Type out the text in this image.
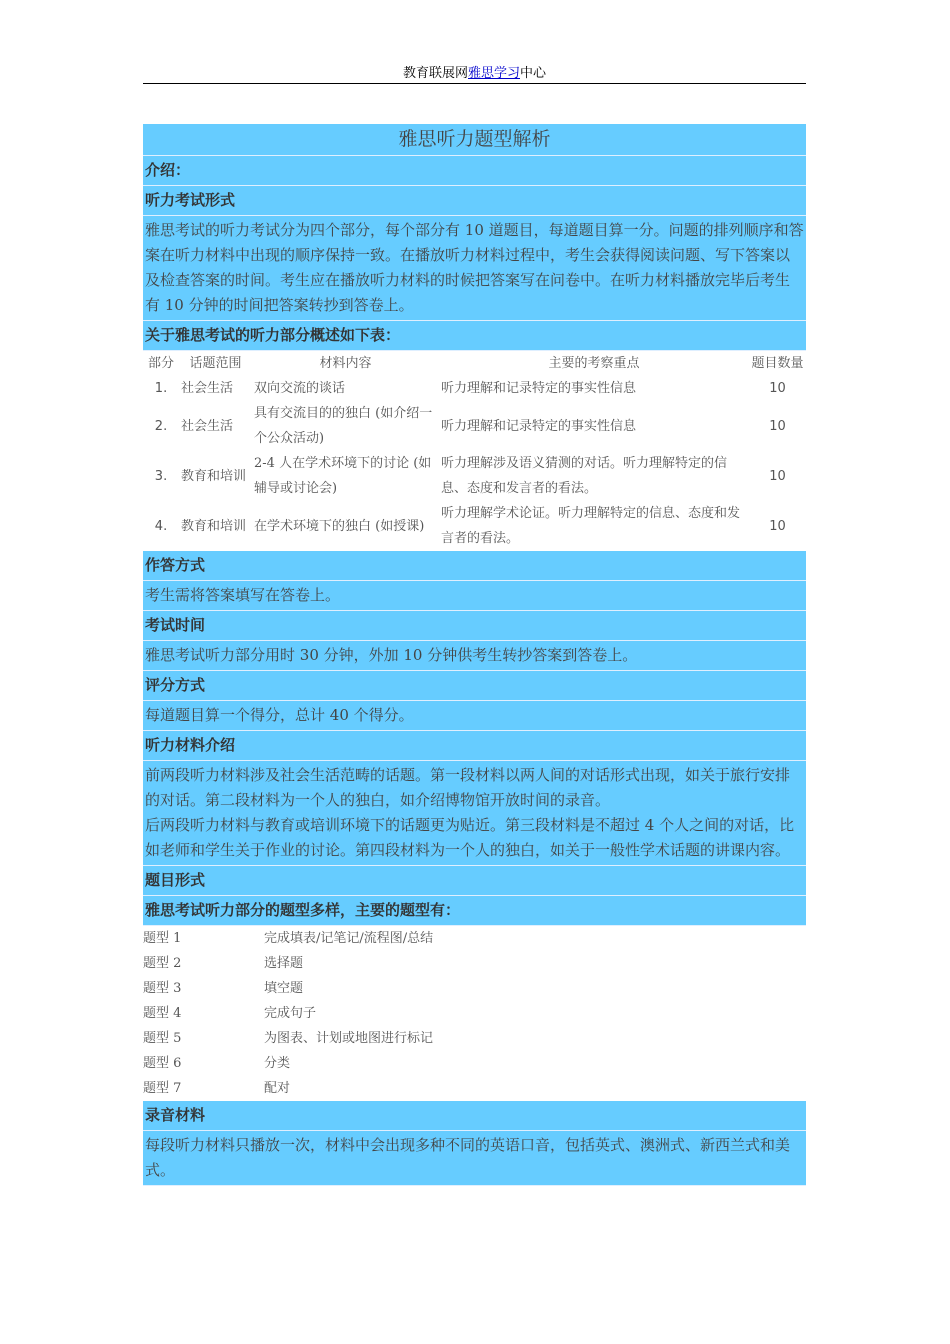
教育联展网雅思学习中心
雅思听力题型解析
介绍：
听力考试形式
雅思考试的听力考试分为四个部分，每个部分有 10 道题目，每道题目算一分。问题的排列顺序和答案在听力材料中出现的顺序保持一致。在播放听力材料过程中，考生会获得阅读问题、写下答案以及检查答案的时间。考生应在播放听力材料的时候把答案写在问卷中。在听力材料播放完毕后考生有 10 分钟的时间把答案转抄到答卷上。
关于雅思考试的听力部分概述如下表：
部分	话题范围	材料内容	主要的考察重点	题目数量
1.	社会生活	双向交流的谈话	听力理解和记录特定的事实性信息	10
2.	社会生活	具有交流目的的独白 (如介绍一个公众活动)	听力理解和记录特定的事实性信息	10
3.	教育和培训	2-4 人在学术环境下的讨论 (如辅导或讨论会)	听力理解涉及语义猜测的对话。听力理解特定的信息、态度和发言者的看法。	10
4.	教育和培训	在学术环境下的独白 (如授课)	听力理解学术论证。听力理解特定的信息、态度和发言者的看法。	10
作答方式
考生需将答案填写在答卷上。
考试时间
雅思考试听力部分用时 30 分钟，外加 10 分钟供考生转抄答案到答卷上。
评分方式
每道题目算一个得分，总计 40 个得分。
听力材料介绍
前两段听力材料涉及社会生活范畴的话题。第一段材料以两人间的对话形式出现，如关于旅行安排的对话。第二段材料为一个人的独白，如介绍博物馆开放时间的录音。
后两段听力材料与教育或培训环境下的话题更为贴近。第三段材料是不超过 4 个人之间的对话，比如老师和学生关于作业的讨论。第四段材料为一个人的独白，如关于一般性学术话题的讲课内容。
题目形式
雅思考试听力部分的题型多样，主要的题型有：
题型 1	完成填表/记笔记/流程图/总结
题型 2	选择题
题型 3	填空题
题型 4	完成句子
题型 5	为图表、计划或地图进行标记
题型 6	分类
题型 7	配对
录音材料
每段听力材料只播放一次，材料中会出现多种不同的英语口音，包括英式、澳洲式、新西兰式和美式。
